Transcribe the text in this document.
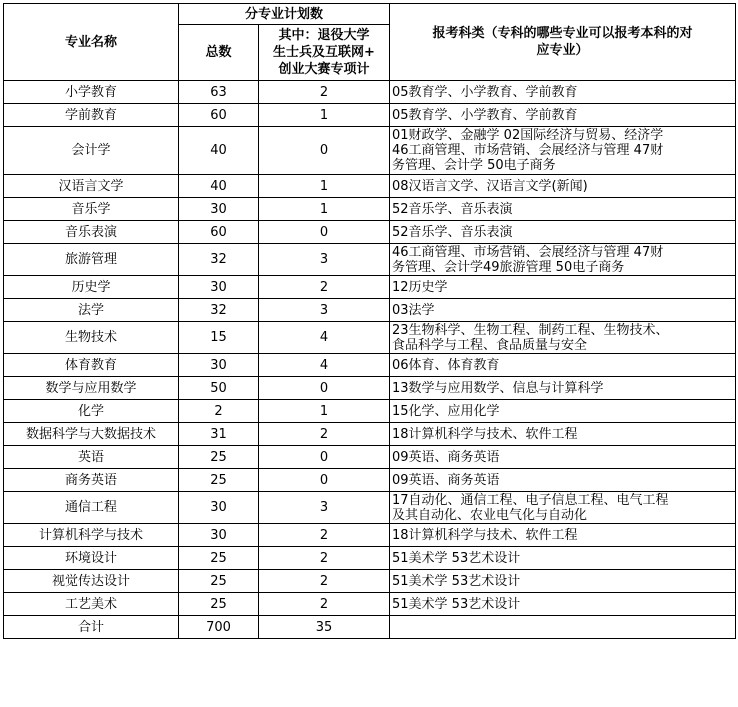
专业名称	分专业计划数		报考科类（专科的哪些专业可以报考本科的对
应专业）

	总数	其中：退役大学
生士兵及互联网+
创业大赛专项计	

小学教育	63	2	05教育学、小学教育、学前教育

学前教育	60	1	05教育学、小学教育、学前教育

会计学	40	0	01财政学、金融学 02国际经济与贸易、经济学
46工商管理、市场营销、会展经济与管理 47财
务管理、会计学 50电子商务

汉语言文学	40	1	08汉语言文学、汉语言文学(新闻)

音乐学	30	1	52音乐学、音乐表演

音乐表演	60	0	52音乐学、音乐表演

旅游管理	32	3	46工商管理、市场营销、会展经济与管理 47财
务管理、会计学49旅游管理 50电子商务

历史学	30	2	12历史学

法学	32	3	03法学

生物技术	15	4	23生物科学、生物工程、制药工程、生物技术、
食品科学与工程、食品质量与安全

体育教育	30	4	06体育、体育教育

数学与应用数学	50	0	13数学与应用数学、信息与计算科学

化学	2	1	15化学、应用化学

数据科学与大数据技术	31	2	18计算机科学与技术、软件工程

英语	25	0	09英语、商务英语

商务英语	25	0	09英语、商务英语

通信工程	30	3	17自动化、通信工程、电子信息工程、电气工程
及其自动化、农业电气化与自动化

计算机科学与技术	30	2	18计算机科学与技术、软件工程

环境设计	25	2	51美术学 53艺术设计

视觉传达设计	25	2	51美术学 53艺术设计

工艺美术	25	2	51美术学 53艺术设计

合计	700	35	
